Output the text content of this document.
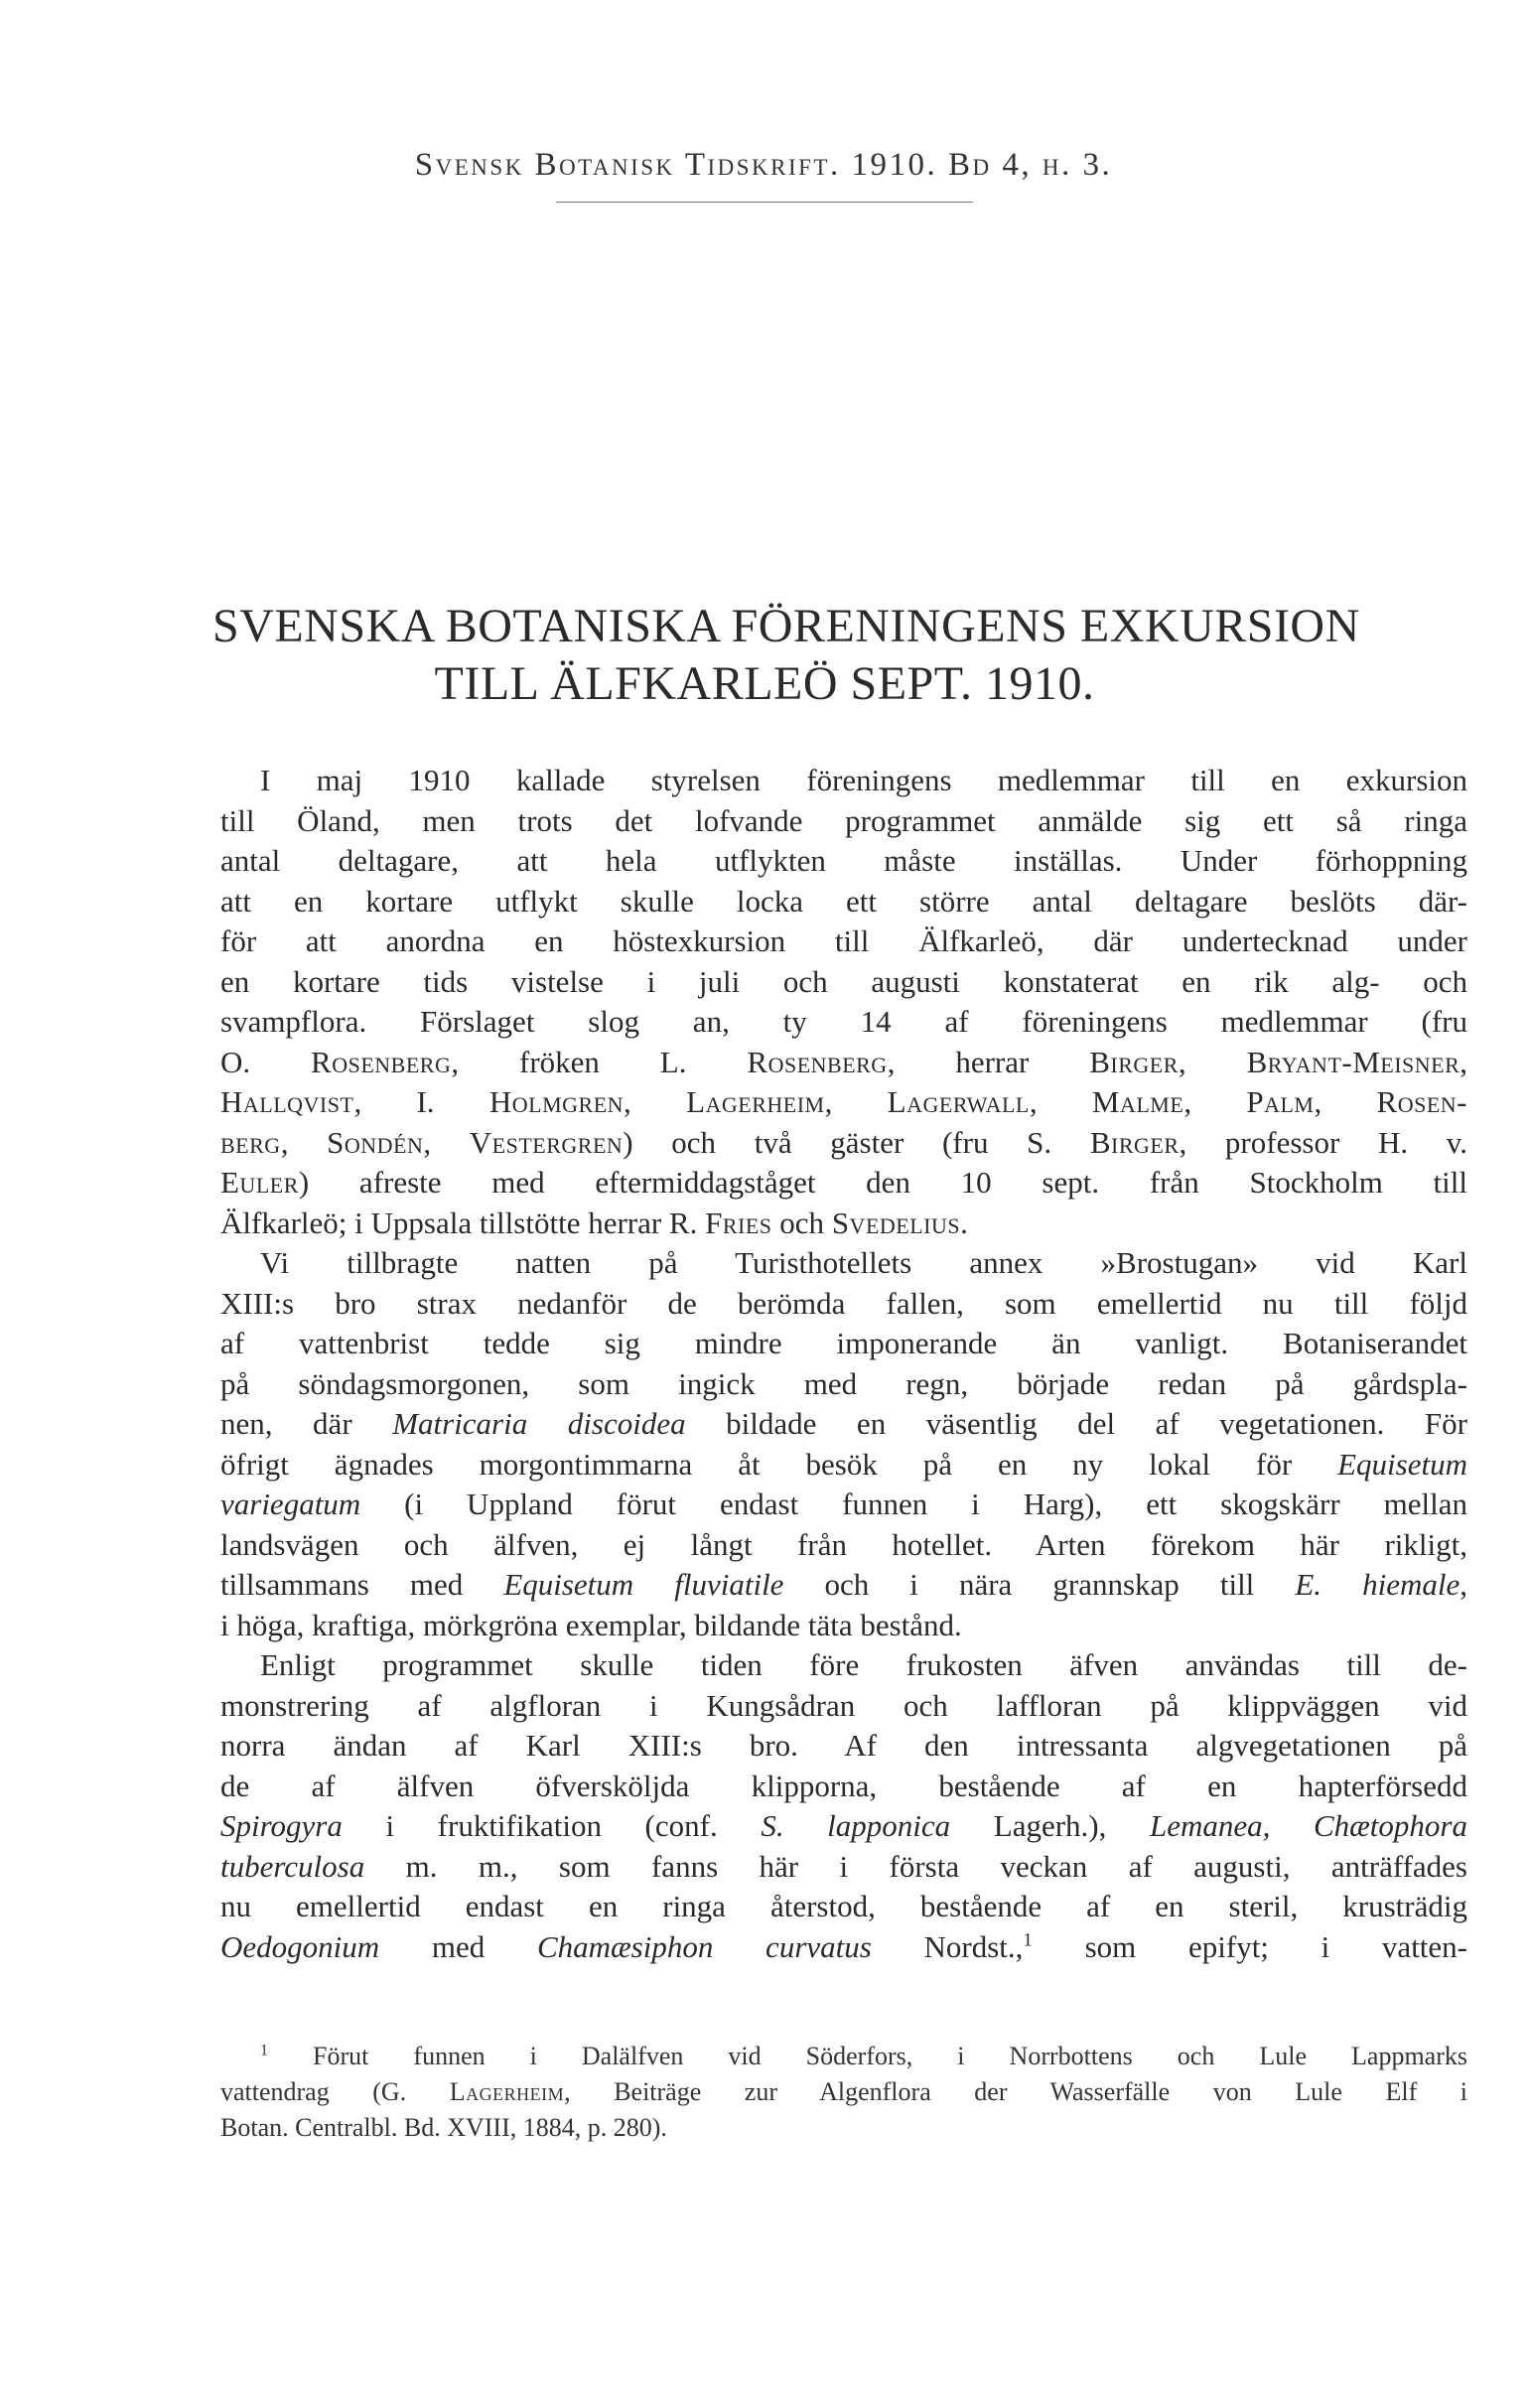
Svensk Botanisk Tidskrift. 1910. Bd 4, h. 3.
SVENSKA BOTANISKA FÖRENINGENS EXKURSION
TILL ÄLFKARLEÖ SEPT. 1910.
I maj 1910 kallade styrelsen föreningens medlemmar till en exkursion
till Öland, men trots det lofvande programmet anmälde sig ett så ringa
antal deltagare, att hela utflykten måste inställas. Under förhoppning
att en kortare utflykt skulle locka ett större antal deltagare beslöts där-
för att anordna en höstexkursion till Älfkarleö, där undertecknad under
en kortare tids vistelse i juli och augusti konstaterat en rik alg- och
svampflora. Förslaget slog an, ty 14 af föreningens medlemmar (fru
O. Rosenberg, fröken L. Rosenberg, herrar Birger, Bryant-Meisner,
Hallqvist, I. Holmgren, Lagerheim, Lagerwall, Malme, Palm, Rosen-
berg, Sondén, Vestergren) och två gäster (fru S. Birger, professor H. v.
Euler) afreste med eftermiddagståget den 10 sept. från Stockholm till
Älfkarleö; i Uppsala tillstötte herrar R. Fries och Svedelius.
Vi tillbragte natten på Turisthotellets annex »Brostugan» vid Karl
XIII:s bro strax nedanför de berömda fallen, som emellertid nu till följd
af vattenbrist tedde sig mindre imponerande än vanligt. Botaniserandet
på söndagsmorgonen, som ingick med regn, började redan på gårdspla-
nen, där Matricaria discoidea bildade en väsentlig del af vegetationen. För
öfrigt ägnades morgontimmarna åt besök på en ny lokal för Equisetum
variegatum (i Uppland förut endast funnen i Harg), ett skogskärr mellan
landsvägen och älfven, ej långt från hotellet. Arten förekom här rikligt,
tillsammans med Equisetum fluviatile och i nära grannskap till E. hiemale,
i höga, kraftiga, mörkgröna exemplar, bildande täta bestånd.
Enligt programmet skulle tiden före frukosten äfven användas till de-
monstrering af algfloran i Kungsådran och laffloran på klippväggen vid
norra ändan af Karl XIII:s bro. Af den intressanta algvegetationen på
de af älfven öfversköljda klipporna, bestående af en hapterförsedd
Spirogyra i fruktifikation (conf. S. lapponica Lagerh.), Lemanea, Chætophora
tuberculosa m. m., som fanns här i första veckan af augusti, anträffades
nu emellertid endast en ringa återstod, bestående af en steril, krusträdig
Oedogonium med Chamæsiphon curvatus Nordst.,$^1$ som epifyt; i vatten-
$^1$ Förut funnen i Dalälfven vid Söderfors, i Norrbottens och Lule Lappmarks
vattendrag (G. Lagerheim, Beiträge zur Algenflora der Wasserfälle von Lule Elf i
Botan. Centralbl. Bd. XVIII, 1884, p. 280).
